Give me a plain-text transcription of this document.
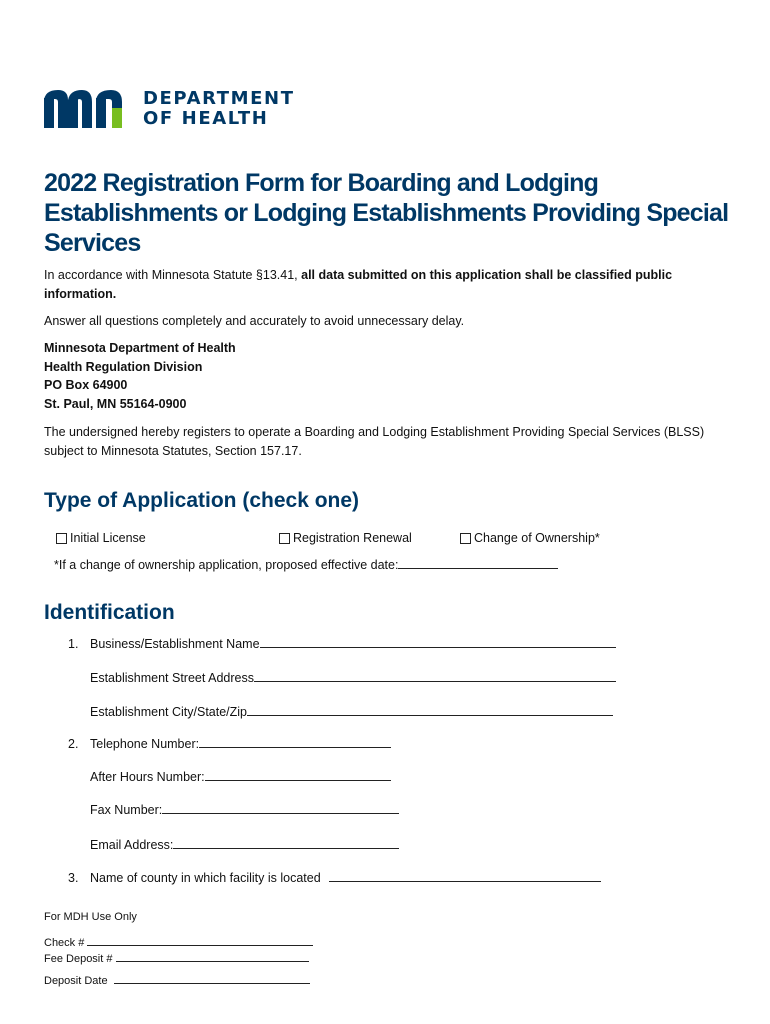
DEPARTMENT
OF HEALTH
2022 Registration Form for Boarding and Lodging Establishments or Lodging Establishments Providing Special Services
In accordance with Minnesota Statute §13.41, all data submitted on this application shall be classified public information.
Answer all questions completely and accurately to avoid unnecessary delay.
Minnesota Department of Health
Health Regulation Division
PO Box 64900
St. Paul, MN 55164-0900
The undersigned hereby registers to operate a Boarding and Lodging Establishment Providing Special Services (BLSS) subject to Minnesota Statutes, Section 157.17.
Type of Application (check one)
Initial License	Registration Renewal	Change of Ownership*
*If a change of ownership application, proposed effective date:
Identification
1. Business/Establishment Name
Establishment Street Address
Establishment City/State/Zip
2. Telephone Number:
After Hours Number:
Fax Number:
Email Address:
3. Name of county in which facility is located
For MDH Use Only
Check #
Fee Deposit #
Deposit Date
